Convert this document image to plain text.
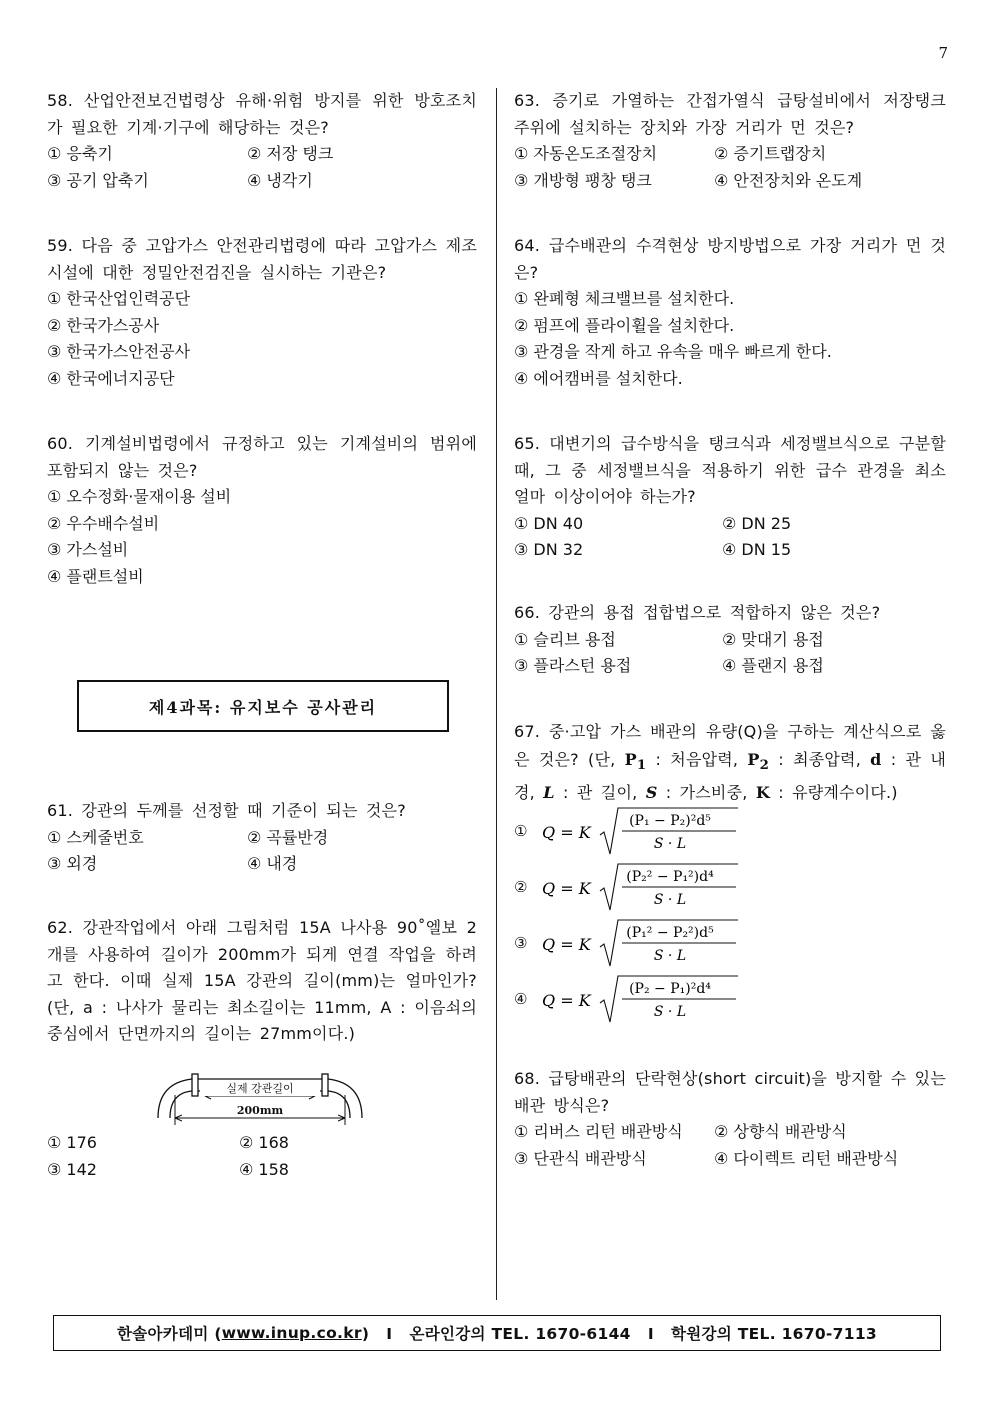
7
58. 산업안전보건법령상 유해·위험 방지를 위한 방호조치가 필요한 기계·기구에 해당하는 것은?
① 응축기	② 저장 탱크
③ 공기 압축기	④ 냉각기
59. 다음 중 고압가스 안전관리법령에 따라 고압가스 제조시설에 대한 정밀안전검진을 실시하는 기관은?
① 한국산업인력공단
② 한국가스공사
③ 한국가스안전공사
④ 한국에너지공단
60. 기계설비법령에서 규정하고 있는 기계설비의 범위에 포함되지 않는 것은?
① 오수정화·물재이용 설비
② 우수배수설비
③ 가스설비
④ 플랜트설비
61. 강관의 두께를 선정할 때 기준이 되는 것은?
① 스케줄번호	② 곡률반경
③ 외경	④ 내경
62. 강관작업에서 아래 그림처럼 15A 나사용 90˚엘보 2개를 사용하여 길이가 200mm가 되게 연결 작업을 하려고 한다. 이때 실제 15A 강관의 길이(mm)는 얼마인가? (단, a : 나사가 물리는 최소길이는 11mm, A : 이음쇠의 중심에서 단면까지의 길이는 27mm이다.)
① 176	② 168
③ 142	④ 158
제4과목: 유지보수 공사관리
실제 강관길이
200mm
63. 증기로 가열하는 간접가열식 급탕설비에서 저장탱크 주위에 설치하는 장치와 가장 거리가 먼 것은?
① 자동온도조절장치	② 증기트랩장치
③ 개방형 팽창 탱크	④ 안전장치와 온도계
64. 급수배관의 수격현상 방지방법으로 가장 거리가 먼 것은?
① 완폐형 체크밸브를 설치한다.
② 펌프에 플라이휠을 설치한다.
③ 관경을 작게 하고 유속을 매우 빠르게 한다.
④ 에어캠버를 설치한다.
65. 대변기의 급수방식을 탱크식과 세정밸브식으로 구분할 때, 그 중 세정밸브식을 적용하기 위한 급수 관경을 최소 얼마 이상이어야 하는가?
① DN 40	② DN 25
③ DN 32	④ DN 15
66. 강관의 용접 접합법으로 적합하지 않은 것은?
① 슬리브 용접	② 맞대기 용접
③ 플라스턴 용접	④ 플랜지 용접
67. 중·고압 가스 배관의 유량(Q)을 구하는 계산식으로 옳은 것은? (단, $P_1$ : 처음압력, $P_2$ : 최종압력, d : 관 내경, L : 관 길이, S : 가스비중, K : 유량계수이다.)
① Q = K
(P₁ − P₂)²d⁵
S · L
② Q = K
(P₂² − P₁²)d⁴
S · L
③ Q = K
(P₁² − P₂²)d⁵
S · L
④ Q = K
(P₂ − P₁)²d⁴
S · L
68. 급탕배관의 단락현상(short circuit)을 방지할 수 있는 배관 방식은?
① 리버스 리턴 배관방식	② 상향식 배관방식
③ 단관식 배관방식	④ 다이렉트 리턴 배관방식
한솔아카데미 ( www.inup.co.kr )   I   온라인강의 TEL. 1670-6144   I   학원강의 TEL. 1670-7113
